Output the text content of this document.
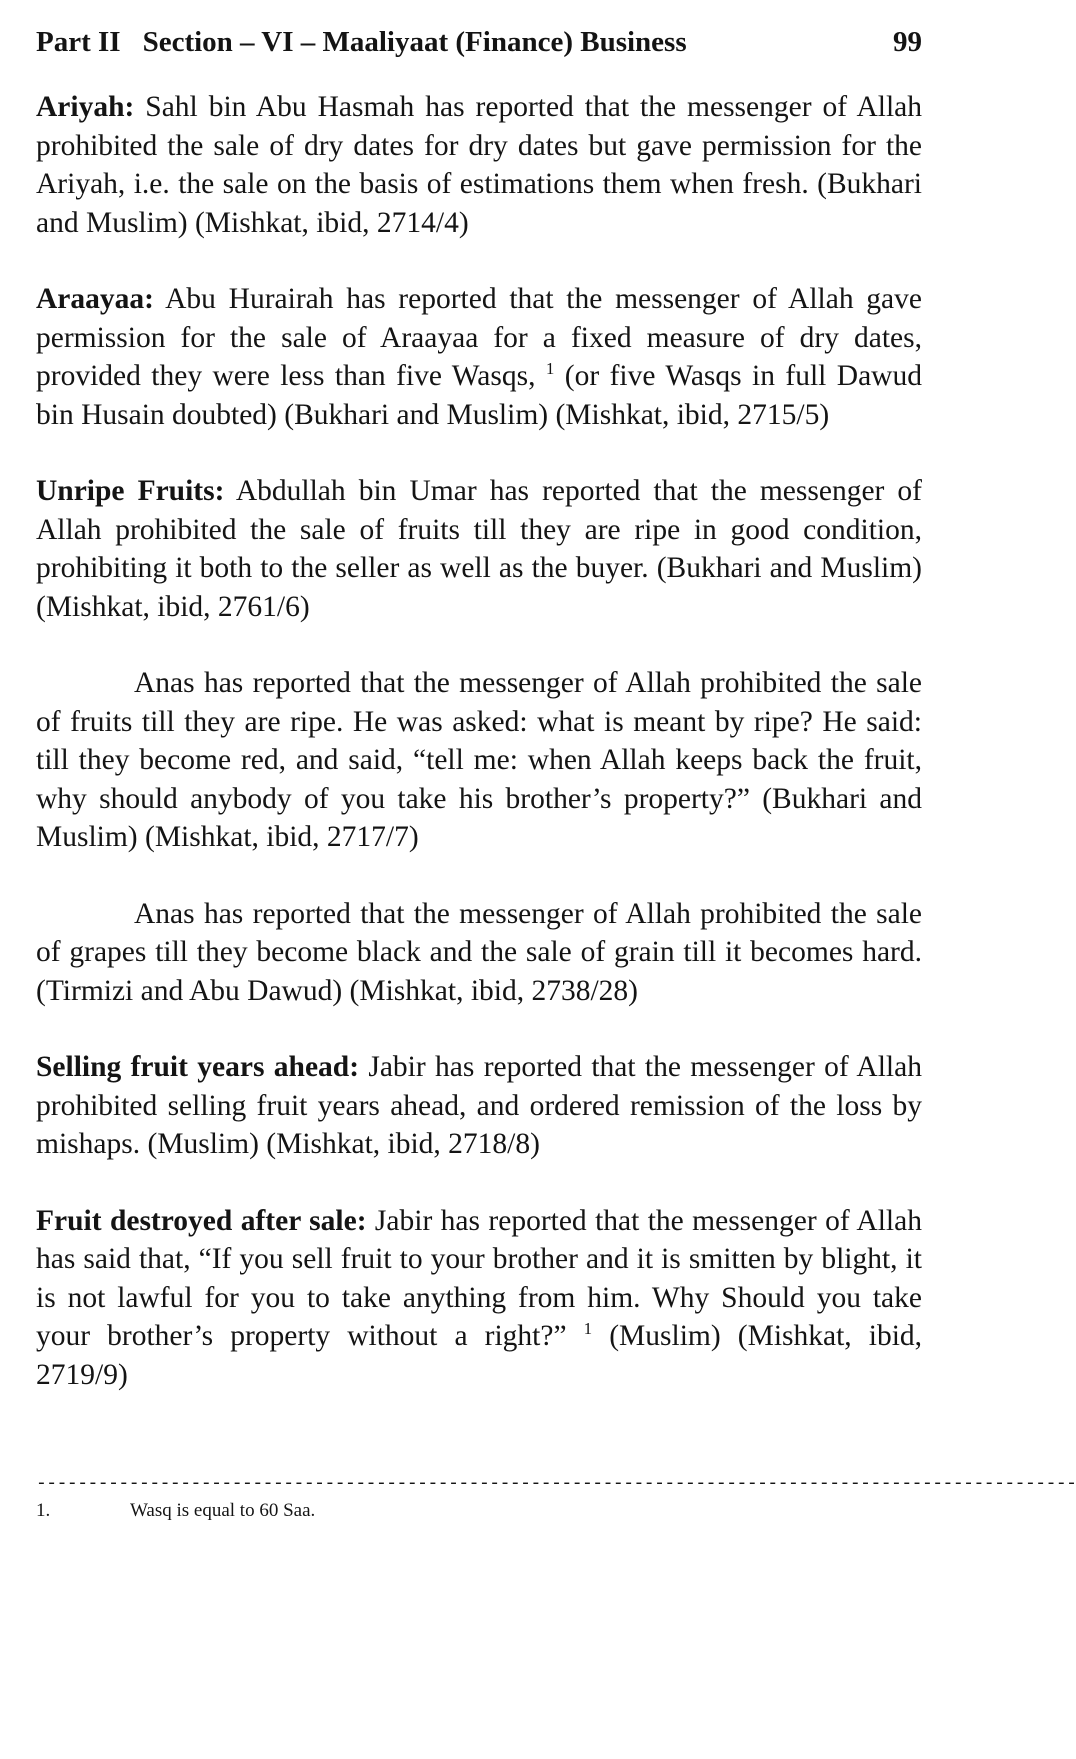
Part II Section – VI – Maaliyaat (Finance) Business	99

Ariyah: Sahl bin Abu Hasmah has reported that the messenger of Allah prohibited the sale of dry dates for dry dates but gave permission for the Ariyah, i.e. the sale on the basis of estimations them when fresh. (Bukhari and Muslim) (Mishkat, ibid, 2714/4)

Araayaa: Abu Hurairah has reported that the messenger of Allah gave permission for the sale of Araayaa for a fixed measure of dry dates, provided they were less than five Wasqs, $^1$ (or five Wasqs in full Dawud bin Husain doubted) (Bukhari and Muslim) (Mishkat, ibid, 2715/5)

Unripe Fruits: Abdullah bin Umar has reported that the messenger of Allah prohibited the sale of fruits till they are ripe in good condition, prohibiting it both to the seller as well as the buyer. (Bukhari and Muslim) (Mishkat, ibid, 2761/6)

Anas has reported that the messenger of Allah prohibited the sale of fruits till they are ripe. He was asked: what is meant by ripe? He said: till they become red, and said, “tell me: when Allah keeps back the fruit, why should anybody of you take his brother’s property?” (Bukhari and Muslim) (Mishkat, ibid, 2717/7)

Anas has reported that the messenger of Allah prohibited the sale of grapes till they become black and the sale of grain till it becomes hard. (Tirmizi and Abu Dawud) (Mishkat, ibid, 2738/28)

Selling fruit years ahead: Jabir has reported that the messenger of Allah prohibited selling fruit years ahead, and ordered remission of the loss by mishaps. (Muslim) (Mishkat, ibid, 2718/8)

Fruit destroyed after sale: Jabir has reported that the messenger of Allah has said that, “If you sell fruit to your brother and it is smitten by blight, it is not lawful for you to take anything from him. Why Should you take your brother’s property without a right?” $^1$ (Muslim) (Mishkat, ibid, 2719/9)

-----------------------------------------------------------------------------------------------------
1.	Wasq is equal to 60 Saa.
